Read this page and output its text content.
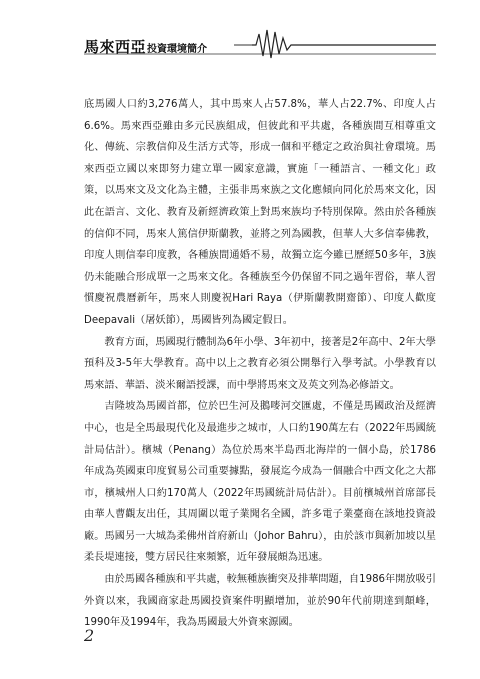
馬來西亞 投資環境簡介

底馬國人口約3,276萬人，其中馬來人占57.8%，華人占22.7%、印度人占6.6%。馬來西亞雖由多元民族組成，但彼此和平共處，各種族間互相尊重文化、傳統、宗教信仰及生活方式等，形成一個和平穩定之政治與社會環境。馬來西亞立國以來即努力建立單一國家意識，實施「一種語言、一種文化」政策，以馬來文及文化為主體，主張非馬來族之文化應傾向同化於馬來文化，因此在語言、文化、教育及新經濟政策上對馬來族均予特別保障。然由於各種族的信仰不同，馬來人篤信伊斯蘭教，並將之列為國教，但華人大多信奉佛教，印度人則信奉印度教，各種族間通婚不易，故獨立迄今雖已歷經50多年，3族仍未能融合形成單一之馬來文化。各種族至今仍保留不同之過年習俗，華人習慣慶祝農曆新年，馬來人則慶祝Hari Raya（伊斯蘭教開齋節）、印度人歡度Deepavali（屠妖節），馬國皆列為國定假日。

教育方面，馬國現行體制為6年小學、3年初中，接著是2年高中、2年大學預科及3-5年大學教育。高中以上之教育必須公開舉行入學考試。小學教育以馬來語、華語、淡米爾語授課，而中學將馬來文及英文列為必修語文。

吉隆坡為馬國首都，位於巴生河及鵝嘜河交匯處，不僅是馬國政治及經濟中心，也是全馬最現代化及最進步之城市，人口約190萬左右（2022年馬國統計局估計）。檳城（Penang）為位於馬來半島西北海岸的一個小島，於1786年成為英國東印度貿易公司重要據點，發展迄今成為一個融合中西文化之大都市，檳城州人口約170萬人（2022年馬國統計局估計）。目前檳城州首席部長由華人曹觀友出任，其周圍以電子業聞名全國，許多電子業臺商在該地投資設廠。馬國另一大城為柔佛州首府新山（Johor Bahru），由於該市與新加坡以星柔長堤連接，雙方居民往來頻繁，近年發展頗為迅速。

由於馬國各種族和平共處，較無種族衝突及排華問題，自1986年開放吸引外資以來，我國商家赴馬國投資案件明顯增加，並於90年代前期達到顛峰，1990年及1994年，我為馬國最大外資來源國。

2
